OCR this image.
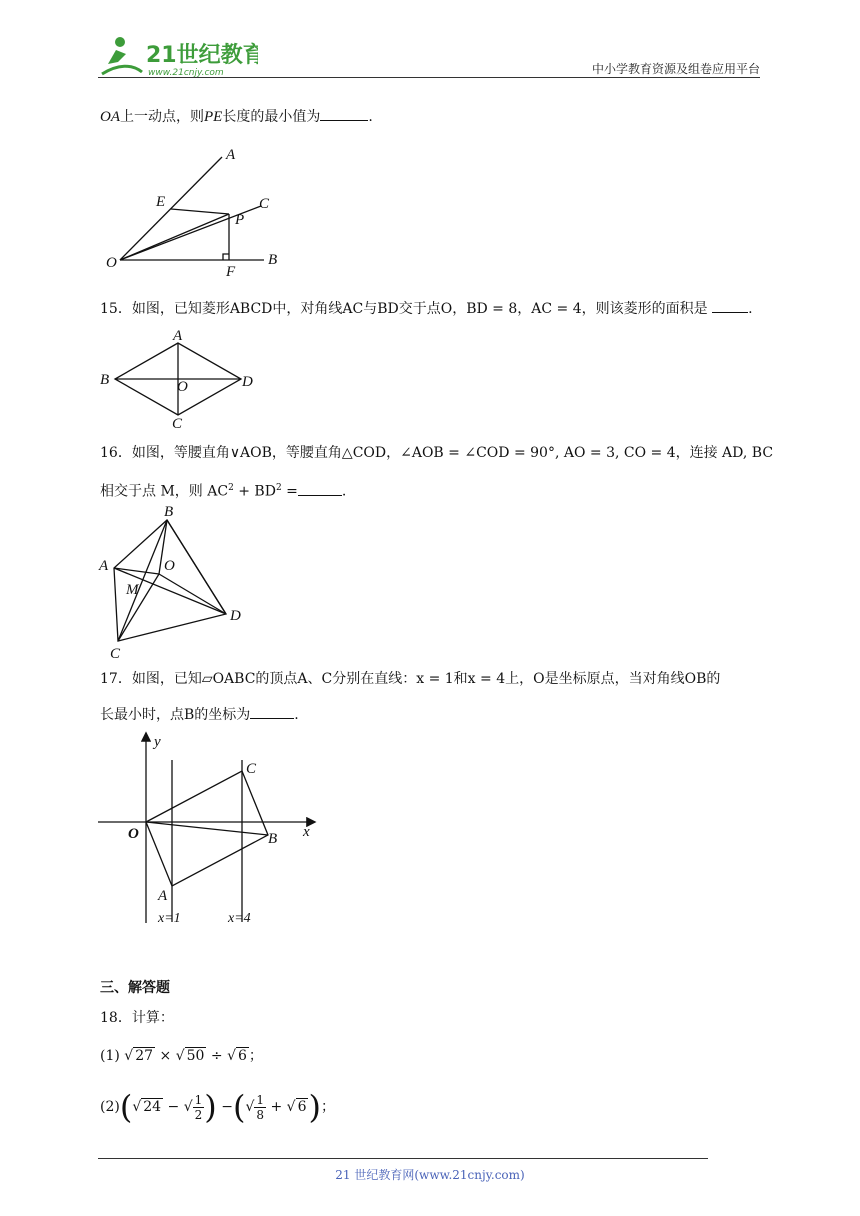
21世纪教育
www.21cnjy.com	中小学教育资源及组卷应用平台
OA上一动点，则PE长度的最小值为	.
A
E	C
P
O
F
B
15．如图，已知菱形ABCD中，对角线AC与BD交于点O，BD = 8，AC = 4，则该菱形的面积是	.
A
B	O	D
C
16．如图，等腰直角∨AOB，等腰直角△COD，∠AOB = ∠COD = 90°, AO = 3, CO = 4，连接 AD, BC
相交于点 M，则 $AC^2 + BD^2$ =	.
B
A	O
M
D
C
17．如图，已知▱OABC的顶点A、C分别在直线：x = 1和x = 4上，O是坐标原点，当对角线OB的
长最小时，点B的坐标为	.
y
x
O
C
B
A
x=1	x=4
三、解答题
18．计算：
(1) √ 27 × √ 50 ÷ √ 6 ；
(2)(√ 24 − √ $\frac{1}{2}$ ) −(√ $\frac{1}{8}$ + √ 6)；
21 世纪教育网(www.21cnjy.com)
